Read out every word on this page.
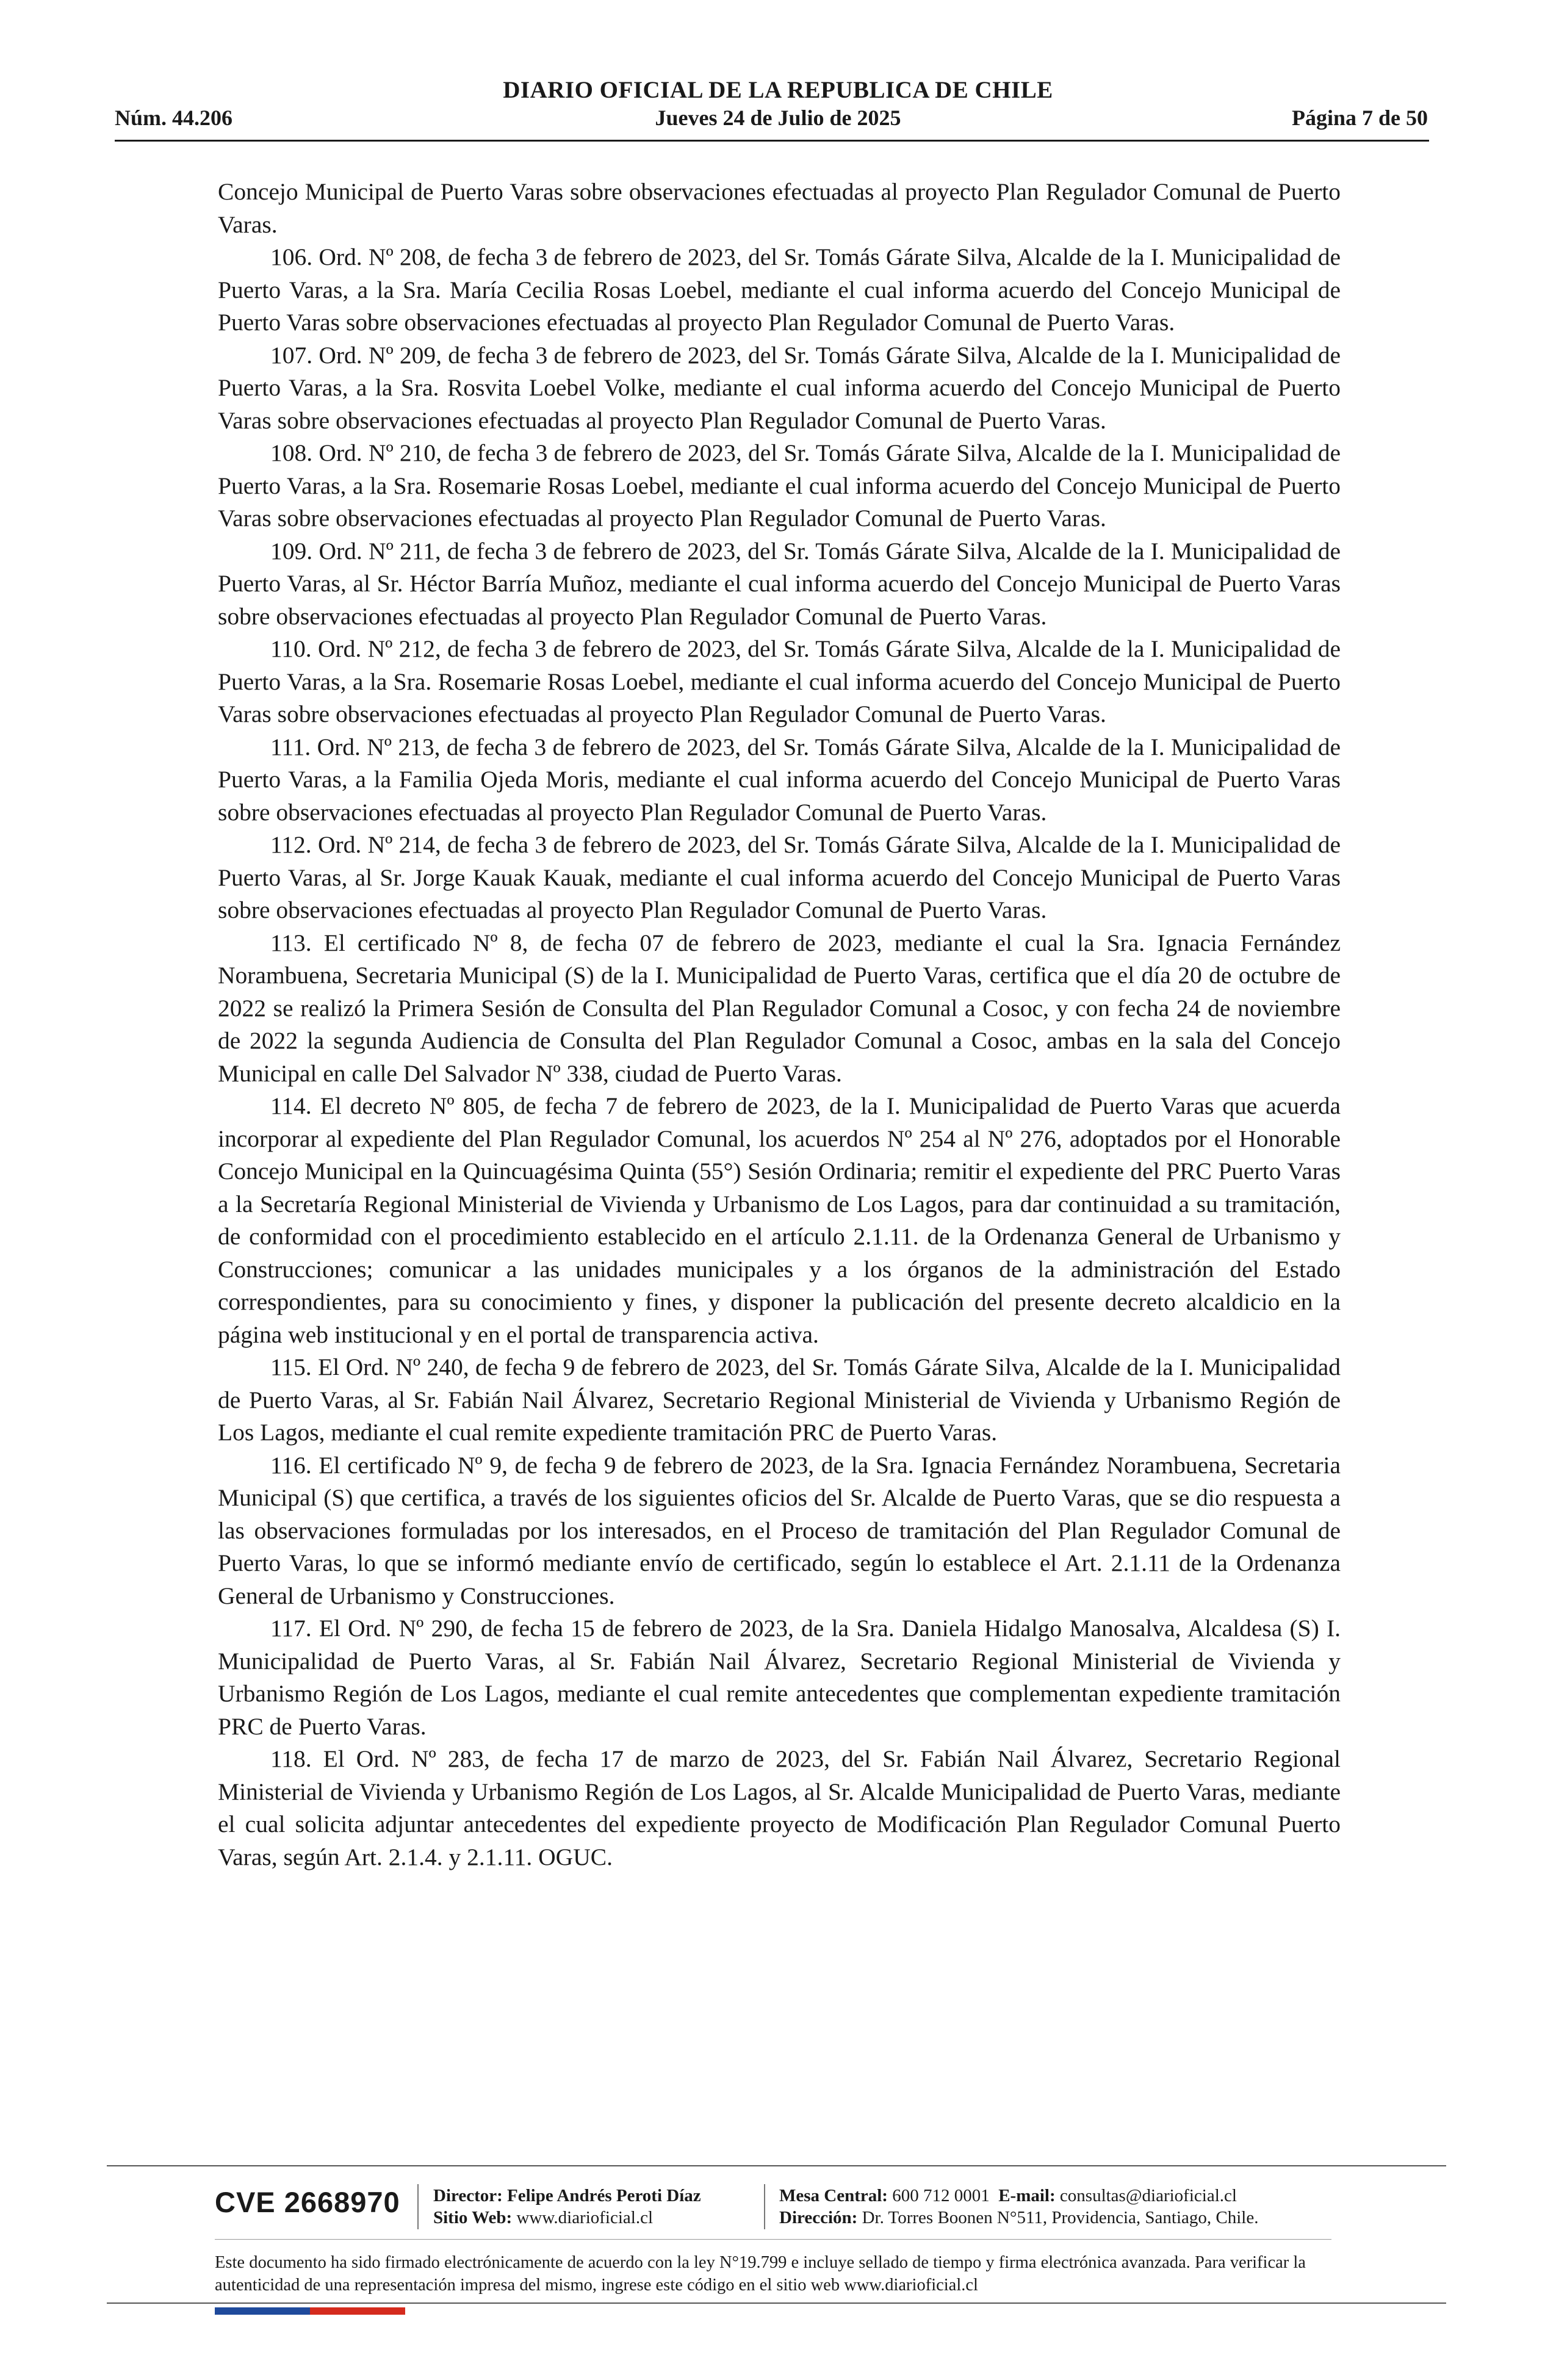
DIARIO OFICIAL DE LA REPUBLICA DE CHILE
Núm. 44.206	Jueves 24 de Julio de 2025	Página 7 de 50

Concejo Municipal de Puerto Varas sobre observaciones efectuadas al proyecto Plan Regulador Comunal de Puerto Varas.

106. Ord. Nº 208, de fecha 3 de febrero de 2023, del Sr. Tomás Gárate Silva, Alcalde de la I. Municipalidad de Puerto Varas, a la Sra. María Cecilia Rosas Loebel, mediante el cual informa acuerdo del Concejo Municipal de Puerto Varas sobre observaciones efectuadas al proyecto Plan Regulador Comunal de Puerto Varas.

107. Ord. Nº 209, de fecha 3 de febrero de 2023, del Sr. Tomás Gárate Silva, Alcalde de la I. Municipalidad de Puerto Varas, a la Sra. Rosvita Loebel Volke, mediante el cual informa acuerdo del Concejo Municipal de Puerto Varas sobre observaciones efectuadas al proyecto Plan Regulador Comunal de Puerto Varas.

108. Ord. Nº 210, de fecha 3 de febrero de 2023, del Sr. Tomás Gárate Silva, Alcalde de la I. Municipalidad de Puerto Varas, a la Sra. Rosemarie Rosas Loebel, mediante el cual informa acuerdo del Concejo Municipal de Puerto Varas sobre observaciones efectuadas al proyecto Plan Regulador Comunal de Puerto Varas.

109. Ord. Nº 211, de fecha 3 de febrero de 2023, del Sr. Tomás Gárate Silva, Alcalde de la I. Municipalidad de Puerto Varas, al Sr. Héctor Barría Muñoz, mediante el cual informa acuerdo del Concejo Municipal de Puerto Varas sobre observaciones efectuadas al proyecto Plan Regulador Comunal de Puerto Varas.

110. Ord. Nº 212, de fecha 3 de febrero de 2023, del Sr. Tomás Gárate Silva, Alcalde de la I. Municipalidad de Puerto Varas, a la Sra. Rosemarie Rosas Loebel, mediante el cual informa acuerdo del Concejo Municipal de Puerto Varas sobre observaciones efectuadas al proyecto Plan Regulador Comunal de Puerto Varas.

111. Ord. Nº 213, de fecha 3 de febrero de 2023, del Sr. Tomás Gárate Silva, Alcalde de la I. Municipalidad de Puerto Varas, a la Familia Ojeda Moris, mediante el cual informa acuerdo del Concejo Municipal de Puerto Varas sobre observaciones efectuadas al proyecto Plan Regulador Comunal de Puerto Varas.

112. Ord. Nº 214, de fecha 3 de febrero de 2023, del Sr. Tomás Gárate Silva, Alcalde de la I. Municipalidad de Puerto Varas, al Sr. Jorge Kauak Kauak, mediante el cual informa acuerdo del Concejo Municipal de Puerto Varas sobre observaciones efectuadas al proyecto Plan Regulador Comunal de Puerto Varas.

113. El certificado Nº 8, de fecha 07 de febrero de 2023, mediante el cual la Sra. Ignacia Fernández Norambuena, Secretaria Municipal (S) de la I. Municipalidad de Puerto Varas, certifica que el día 20 de octubre de 2022 se realizó la Primera Sesión de Consulta del Plan Regulador Comunal a Cosoc, y con fecha 24 de noviembre de 2022 la segunda Audiencia de Consulta del Plan Regulador Comunal a Cosoc, ambas en la sala del Concejo Municipal en calle Del Salvador Nº 338, ciudad de Puerto Varas.

114. El decreto Nº 805, de fecha 7 de febrero de 2023, de la I. Municipalidad de Puerto Varas que acuerda incorporar al expediente del Plan Regulador Comunal, los acuerdos Nº 254 al Nº 276, adoptados por el Honorable Concejo Municipal en la Quincuagésima Quinta (55°) Sesión Ordinaria; remitir el expediente del PRC Puerto Varas a la Secretaría Regional Ministerial de Vivienda y Urbanismo de Los Lagos, para dar continuidad a su tramitación, de conformidad con el procedimiento establecido en el artículo 2.1.11. de la Ordenanza General de Urbanismo y Construcciones; comunicar a las unidades municipales y a los órganos de la administración del Estado correspondientes, para su conocimiento y fines, y disponer la publicación del presente decreto alcaldicio en la página web institucional y en el portal de transparencia activa.

115. El Ord. Nº 240, de fecha 9 de febrero de 2023, del Sr. Tomás Gárate Silva, Alcalde de la I. Municipalidad de Puerto Varas, al Sr. Fabián Nail Álvarez, Secretario Regional Ministerial de Vivienda y Urbanismo Región de Los Lagos, mediante el cual remite expediente tramitación PRC de Puerto Varas.

116. El certificado Nº 9, de fecha 9 de febrero de 2023, de la Sra. Ignacia Fernández Norambuena, Secretaria Municipal (S) que certifica, a través de los siguientes oficios del Sr. Alcalde de Puerto Varas, que se dio respuesta a las observaciones formuladas por los interesados, en el Proceso de tramitación del Plan Regulador Comunal de Puerto Varas, lo que se informó mediante envío de certificado, según lo establece el Art. 2.1.11 de la Ordenanza General de Urbanismo y Construcciones.

117. El Ord. Nº 290, de fecha 15 de febrero de 2023, de la Sra. Daniela Hidalgo Manosalva, Alcaldesa (S) I. Municipalidad de Puerto Varas, al Sr. Fabián Nail Álvarez, Secretario Regional Ministerial de Vivienda y Urbanismo Región de Los Lagos, mediante el cual remite antecedentes que complementan expediente tramitación PRC de Puerto Varas.

118. El Ord. Nº 283, de fecha 17 de marzo de 2023, del Sr. Fabián Nail Álvarez, Secretario Regional Ministerial de Vivienda y Urbanismo Región de Los Lagos, al Sr. Alcalde Municipalidad de Puerto Varas, mediante el cual solicita adjuntar antecedentes del expediente proyecto de Modificación Plan Regulador Comunal Puerto Varas, según Art. 2.1.4. y 2.1.11. OGUC.

CVE 2668970 Director: Felipe Andrés Peroti Díaz
Sitio Web: www.diarioficial.cl
Mesa Central: 600 712 0001 E-mail: consultas@diarioficial.cl
Dirección: Dr. Torres Boonen N°511, Providencia, Santiago, Chile.
Este documento ha sido firmado electrónicamente de acuerdo con la ley N°19.799 e incluye sellado de tiempo y firma electrónica avanzada. Para verificar la autenticidad de una representación impresa del mismo, ingrese este código en el sitio web www.diarioficial.cl
